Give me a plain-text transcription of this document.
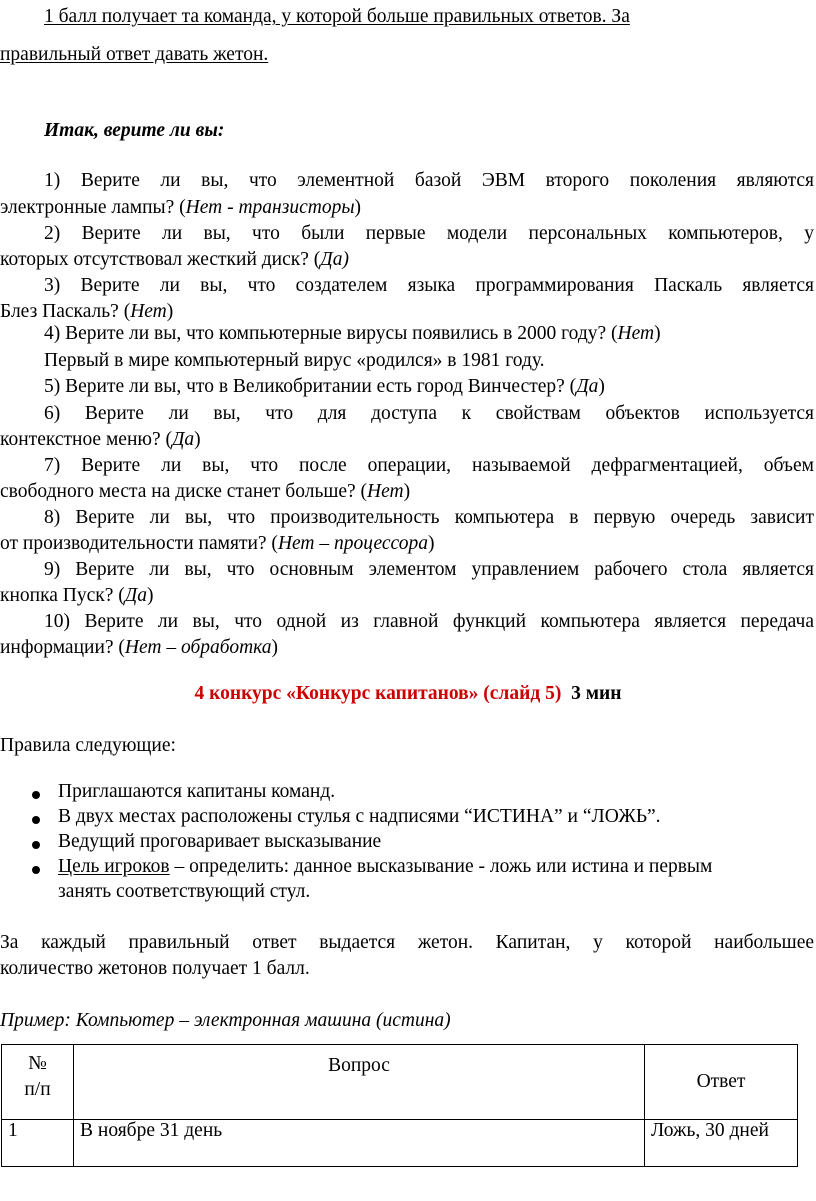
1 балл получает та команда, у которой больше правильных ответов. За
правильный ответ давать жетон.
Итак, верите ли вы:
1) Верите ли вы, что элементной базой ЭВМ второго поколения являются
электронные лампы? (Нет - транзисторы)
2) Верите ли вы, что были первые модели персональных компьютеров, у
которых отсутствовал жесткий диск? (Да)
3) Верите ли вы, что создателем языка программирования Паскаль является
Блез Паскаль? (Нет)
4) Верите ли вы, что компьютерные вирусы появились в 2000 году? (Нет)
Первый в мире компьютерный вирус «родился» в 1981 году.
5) Верите ли вы, что в Великобритании есть город Винчестер? (Да)
6) Верите ли вы, что для доступа к свойствам объектов используется
контекстное меню? (Да)
7) Верите ли вы, что после операции, называемой дефрагментацией, объем
свободного места на диске станет больше? (Нет)
8) Верите ли вы, что производительность компьютера в первую очередь зависит
от производительности памяти? (Нет – процессора)
9) Верите ли вы, что основным элементом управлением рабочего стола является
кнопка Пуск? (Да)
10) Верите ли вы, что одной из главной функций компьютера является передача
информации? (Нет – обработка)
4 конкурс «Конкурс капитанов» (слайд 5) 3 мин
Правила следующие:
Приглашаются капитаны команд.
В двух местах расположены стулья с надписями “ИСТИНА” и “ЛОЖЬ”.
Ведущий проговаривает высказывание
Цель игроков – определить: данное высказывание - ложь или истина и первым
занять соответствующий стул.
За каждый правильный ответ выдается жетон. Капитан, у которой наибольшее
количество жетонов получает 1 балл.
Пример: Компьютер – электронная машина (истина)
№
п/п	Вопрос	Ответ
1	В ноябре 31 день	Ложь, 30 дней
